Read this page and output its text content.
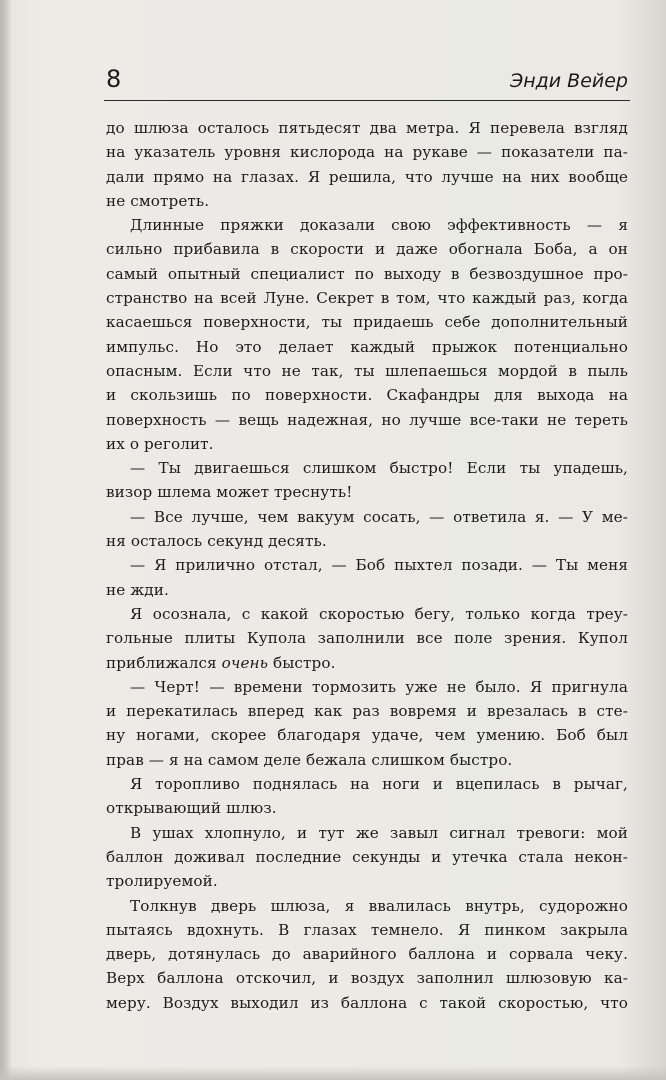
8	Энди Вейер
до шлюза осталось пятьдесят два метра. Я перевела взгляд
на указатель уровня кислорода на рукаве — показатели па-
дали прямо на глазах. Я решила, что лучше на них вообще
не смотреть.
Длинные пряжки доказали свою эффективность — я
сильно прибавила в скорости и даже обогнала Боба, а он
самый опытный специалист по выходу в безвоздушное про-
странство на всей Луне. Секрет в том, что каждый раз, когда
касаешься поверхности, ты придаешь себе дополнительный
импульс. Но это делает каждый прыжок потенциально
опасным. Если что не так, ты шлепаешься мордой в пыль
и скользишь по поверхности. Скафандры для выхода на
поверхность — вещь надежная, но лучше все-таки не тереть
их о реголит.
— Ты двигаешься слишком быстро! Если ты упадешь,
визор шлема может треснуть!
— Все лучше, чем вакуум сосать, — ответила я. — У ме-
ня осталось секунд десять.
— Я прилично отстал, — Боб пыхтел позади. — Ты меня
не жди.
Я осознала, с какой скоростью бегу, только когда треу-
гольные плиты Купола заполнили все поле зрения. Купол
приближался очень быстро.
— Черт! — времени тормозить уже не было. Я пригнула
и перекатилась вперед как раз вовремя и врезалась в сте-
ну ногами, скорее благодаря удаче, чем умению. Боб был
прав — я на самом деле бежала слишком быстро.
Я торопливо поднялась на ноги и вцепилась в рычаг,
открывающий шлюз.
В ушах хлопнуло, и тут же завыл сигнал тревоги: мой
баллон доживал последние секунды и утечка стала некон-
тролируемой.
Толкнув дверь шлюза, я ввалилась внутрь, судорожно
пытаясь вдохнуть. В глазах темнело. Я пинком закрыла
дверь, дотянулась до аварийного баллона и сорвала чеку.
Верх баллона отскочил, и воздух заполнил шлюзовую ка-
меру. Воздух выходил из баллона с такой скоростью, что
